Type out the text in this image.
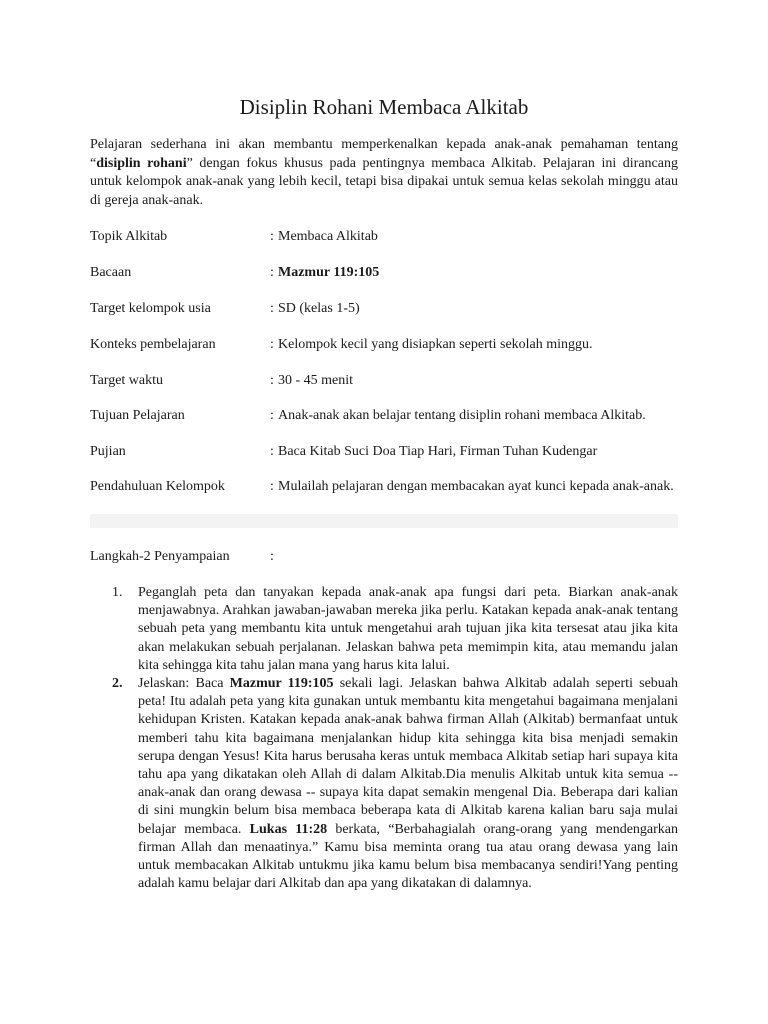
Disiplin Rohani Membaca Alkitab

Pelajaran sederhana ini akan membantu memperkenalkan kepada anak-anak pemahaman tentang “disiplin rohani” dengan fokus khusus pada pentingnya membaca Alkitab. Pelajaran ini dirancang untuk kelompok anak-anak yang lebih kecil, tetapi bisa dipakai untuk semua kelas sekolah minggu atau di gereja anak-anak.

Topik Alkitab	: Membaca Alkitab
Bacaan	: Mazmur 119:105
Target kelompok usia	: SD (kelas 1-5)
Konteks pembelajaran	: Kelompok kecil yang disiapkan seperti sekolah minggu.
Target waktu	: 30 - 45 menit
Tujuan Pelajaran	: Anak-anak akan belajar tentang disiplin rohani membaca Alkitab.
Pujian	: Baca Kitab Suci Doa Tiap Hari, Firman Tuhan Kudengar
Pendahuluan Kelompok	: Mulailah pelajaran dengan membacakan ayat kunci kepada anak-anak.
Langkah-2 Penyampaian	:
1. Peganglah peta dan tanyakan kepada anak-anak apa fungsi dari peta. Biarkan anak-anak menjawabnya. Arahkan jawaban-jawaban mereka jika perlu. Katakan kepada anak-anak tentang sebuah peta yang membantu kita untuk mengetahui arah tujuan jika kita tersesat atau jika kita akan melakukan sebuah perjalanan. Jelaskan bahwa peta memimpin kita, atau memandu jalan kita sehingga kita tahu jalan mana yang harus kita lalui.
2. Jelaskan: Baca Mazmur 119:105 sekali lagi. Jelaskan bahwa Alkitab adalah seperti sebuah peta! Itu adalah peta yang kita gunakan untuk membantu kita mengetahui bagaimana menjalani kehidupan Kristen. Katakan kepada anak-anak bahwa firman Allah (Alkitab) bermanfaat untuk memberi tahu kita bagaimana menjalankan hidup kita sehingga kita bisa menjadi semakin serupa dengan Yesus! Kita harus berusaha keras untuk membaca Alkitab setiap hari supaya kita tahu apa yang dikatakan oleh Allah di dalam Alkitab.Dia menulis Alkitab untuk kita semua -- anak-anak dan orang dewasa -- supaya kita dapat semakin mengenal Dia. Beberapa dari kalian di sini mungkin belum bisa membaca beberapa kata di Alkitab karena kalian baru saja mulai belajar membaca. Lukas 11:28 berkata, “Berbahagialah orang-orang yang mendengarkan firman Allah dan menaatinya.” Kamu bisa meminta orang tua atau orang dewasa yang lain untuk membacakan Alkitab untukmu jika kamu belum bisa membacanya sendiri!Yang penting adalah kamu belajar dari Alkitab dan apa yang dikatakan di dalamnya.
